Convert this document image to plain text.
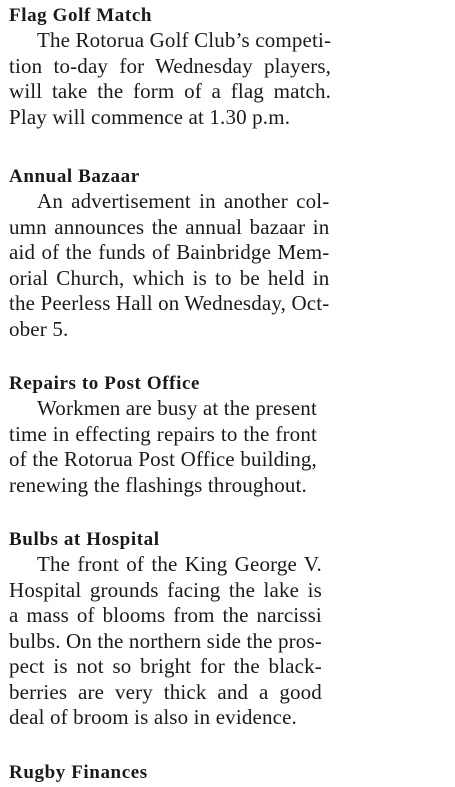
Flag Golf Match

The Rotorua Golf Club’s competi-
tion to-day for Wednesday players,
will take the form of a flag match.
Play will commence at 1.30 p.m.

Annual Bazaar

An advertisement in another col-
umn announces the annual bazaar in
aid of the funds of Bainbridge Mem-
orial Church, which is to be held in
the Peerless Hall on Wednesday, Oct-
ober 5.

Repairs to Post Office

Workmen are busy at the present
time in effecting repairs to the front
of the Rotorua Post Office building,
renewing the flashings throughout.

Bulbs at Hospital

The front of the King George V.
Hospital grounds facing the lake is
a mass of blooms from the narcissi
bulbs. On the northern side the pros-
pect is not so bright for the black-
berries are very thick and a good
deal of broom is also in evidence.

Rugby Finances
